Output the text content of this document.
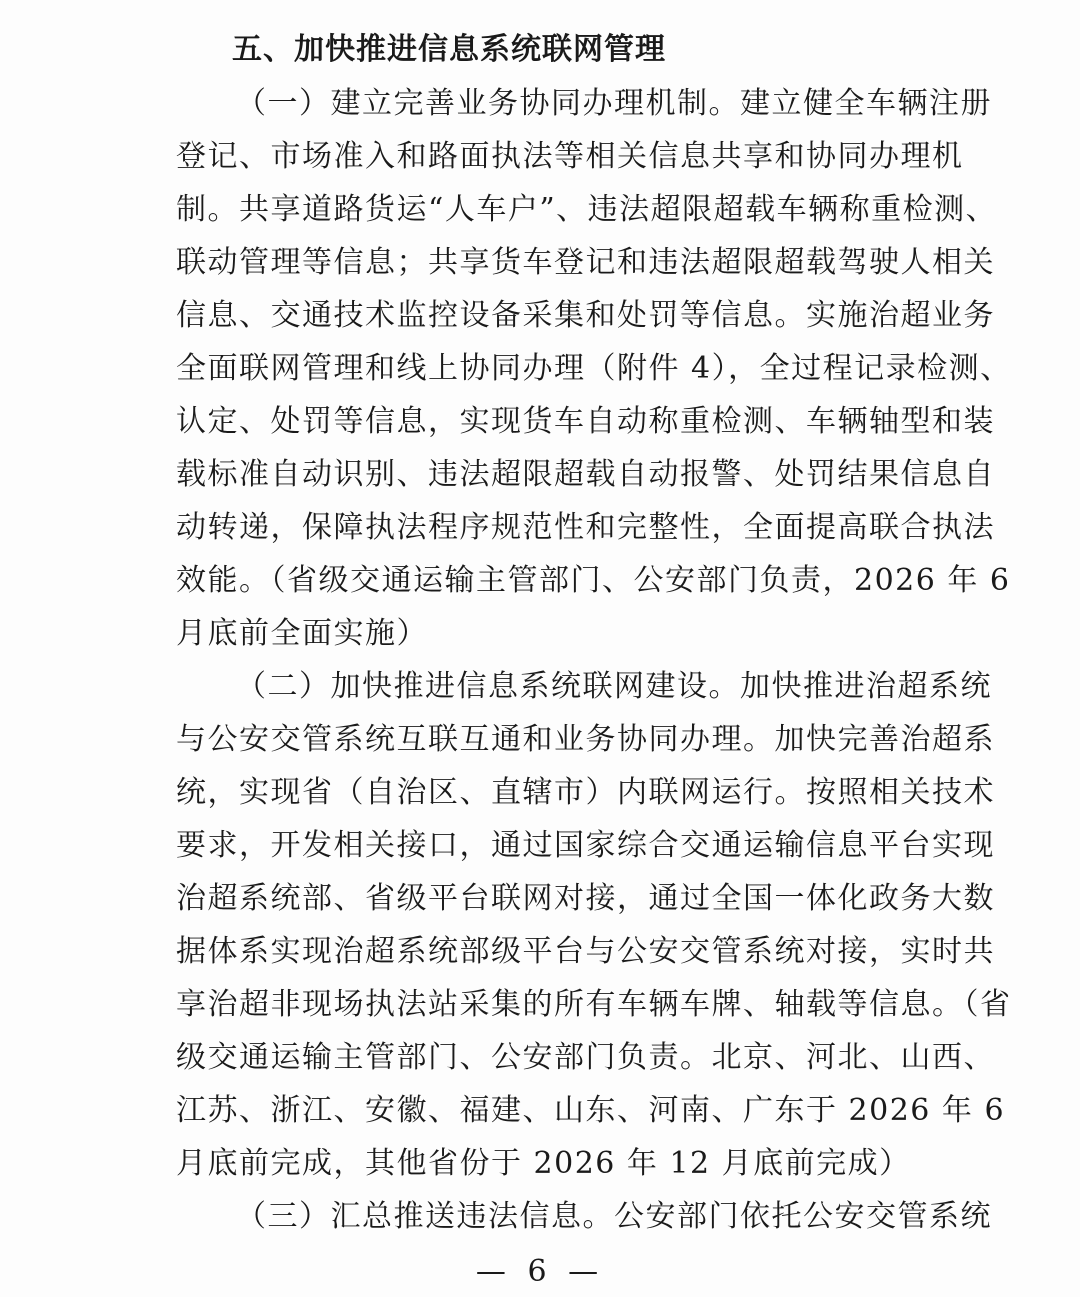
五、加快推进信息系统联网管理
（一）建立完善业务协同办理机制。建立健全车辆注册
登记、市场准入和路面执法等相关信息共享和协同办理机
制。共享道路货运“人车户”、违法超限超载车辆称重检测、
联动管理等信息；共享货车登记和违法超限超载驾驶人相关
信息、交通技术监控设备采集和处罚等信息。实施治超业务
全面联网管理和线上协同办理（附件 4），全过程记录检测、
认定、处罚等信息，实现货车自动称重检测、车辆轴型和装
载标准自动识别、违法超限超载自动报警、处罚结果信息自
动转递，保障执法程序规范性和完整性，全面提高联合执法
效能。（省级交通运输主管部门、公安部门负责，2026 年 6
月底前全面实施）
（二）加快推进信息系统联网建设。加快推进治超系统
与公安交管系统互联互通和业务协同办理。加快完善治超系
统，实现省（自治区、直辖市）内联网运行。按照相关技术
要求，开发相关接口，通过国家综合交通运输信息平台实现
治超系统部、省级平台联网对接，通过全国一体化政务大数
据体系实现治超系统部级平台与公安交管系统对接，实时共
享治超非现场执法站采集的所有车辆车牌、轴载等信息。（省
级交通运输主管部门、公安部门负责。北京、河北、山西、
江苏、浙江、安徽、福建、山东、河南、广东于 2026 年 6
月底前完成，其他省份于 2026 年 12 月底前完成）
（三）汇总推送违法信息。公安部门依托公安交管系统
— 6 —
